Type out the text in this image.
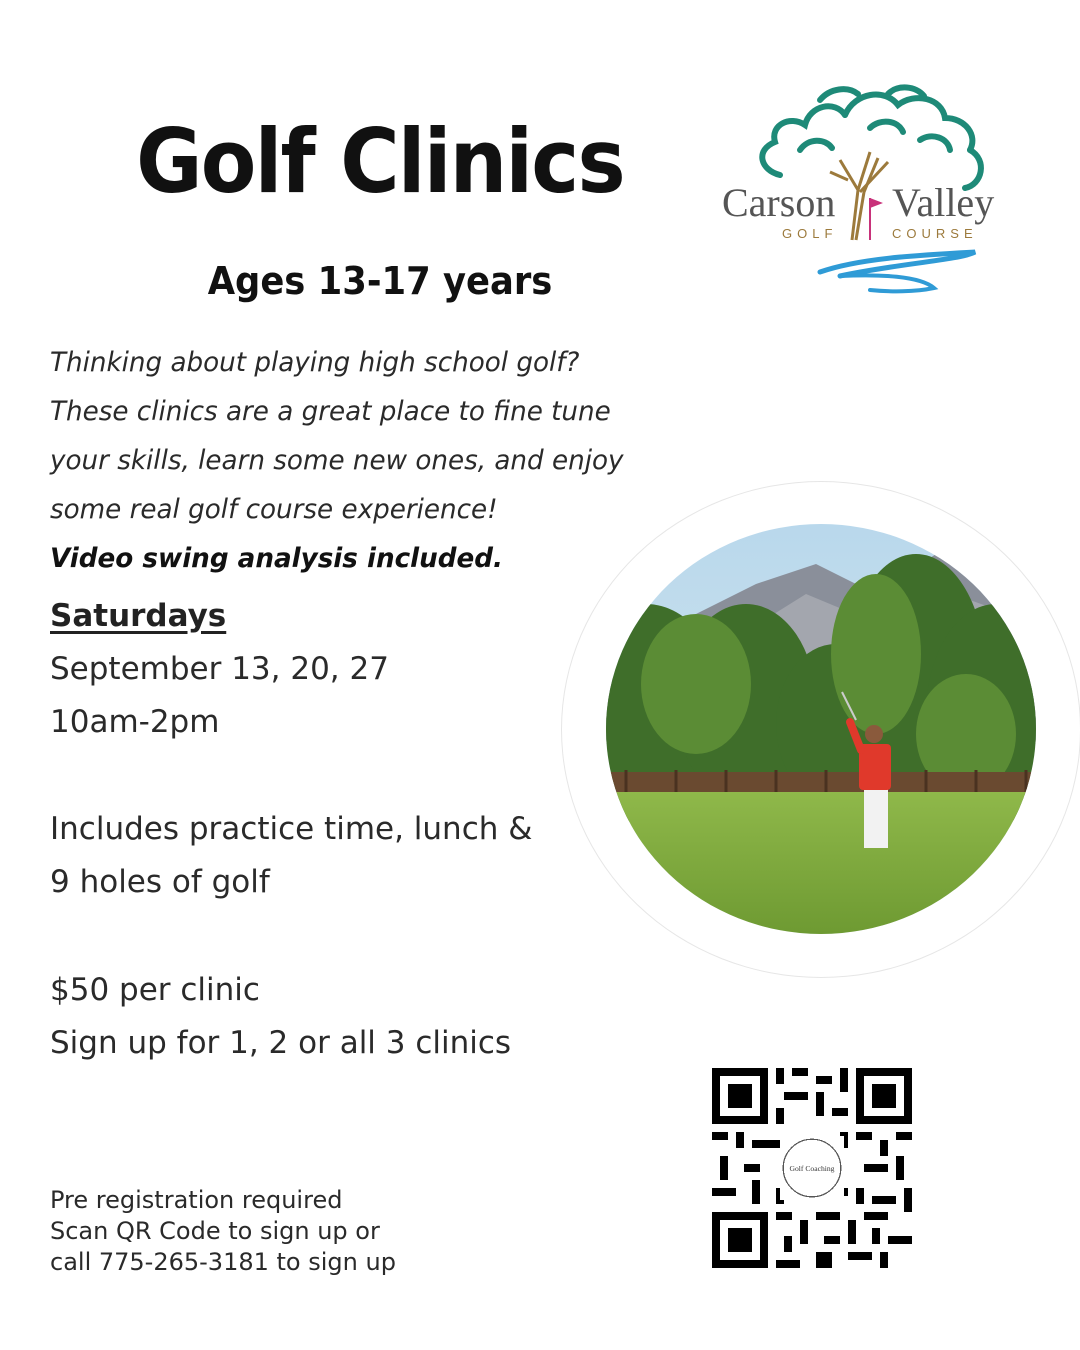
Golf Clinics
Ages 13-17 years
Carson Valley
GOLF	COURSE
Thinking about playing high school golf?
These clinics are a great place to fine tune
your skills, learn some new ones, and enjoy
some real golf course experience!
Video swing analysis included.
Saturdays
September 13, 20, 27
10am-2pm
Includes practice time, lunch &
9 holes of golf
$50 per clinic
Sign up for 1, 2 or all 3 clinics
Pre registration required
Scan QR Code to sign up or
call 775-265-3181 to sign up
